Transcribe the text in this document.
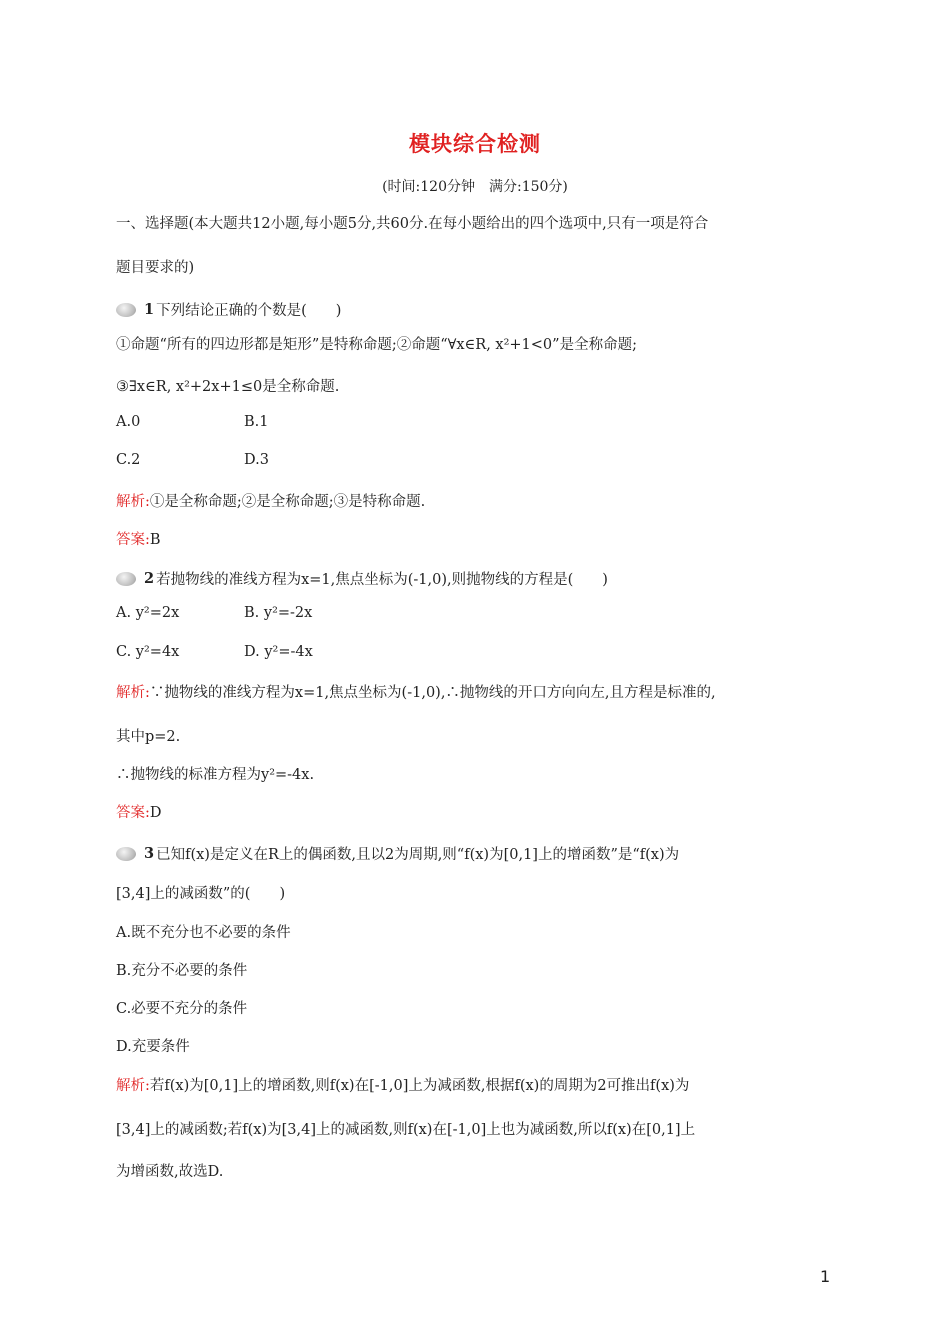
模块综合检测
(时间:120分钟　满分:150分)
一、选择题(本大题共12小题,每小题5分,共60分.在每小题给出的四个选项中,只有一项是符合
题目要求的)
1 下列结论正确的个数是(　　)
①命题“所有的四边形都是矩形”是特称命题;②命题“∀x∈R, x²+1<0”是全称命题;
③∃x∈R, x²+2x+1≤0是全称命题.
A.0	B.1
C.2	D.3
解析:①是全称命题;②是全称命题;③是特称命题.
答案:B
2 若抛物线的准线方程为x=1,焦点坐标为(-1,0),则抛物线的方程是(　　)
A. y²=2x	B. y²=-2x
C. y²=4x	D. y²=-4x
解析:∵抛物线的准线方程为x=1,焦点坐标为(-1,0),∴抛物线的开口方向向左,且方程是标准的,
其中p=2.
∴抛物线的标准方程为y²=-4x.
答案:D
3 已知f(x)是定义在R上的偶函数,且以2为周期,则“f(x)为[0,1]上的增函数”是“f(x)为
[3,4]上的减函数”的(　　)
A.既不充分也不必要的条件
B.充分不必要的条件
C.必要不充分的条件
D.充要条件
解析:若f(x)为[0,1]上的增函数,则f(x)在[-1,0]上为减函数,根据f(x)的周期为2可推出f(x)为
[3,4]上的减函数;若f(x)为[3,4]上的减函数,则f(x)在[-1,0]上也为减函数,所以f(x)在[0,1]上
为增函数,故选D.
1
